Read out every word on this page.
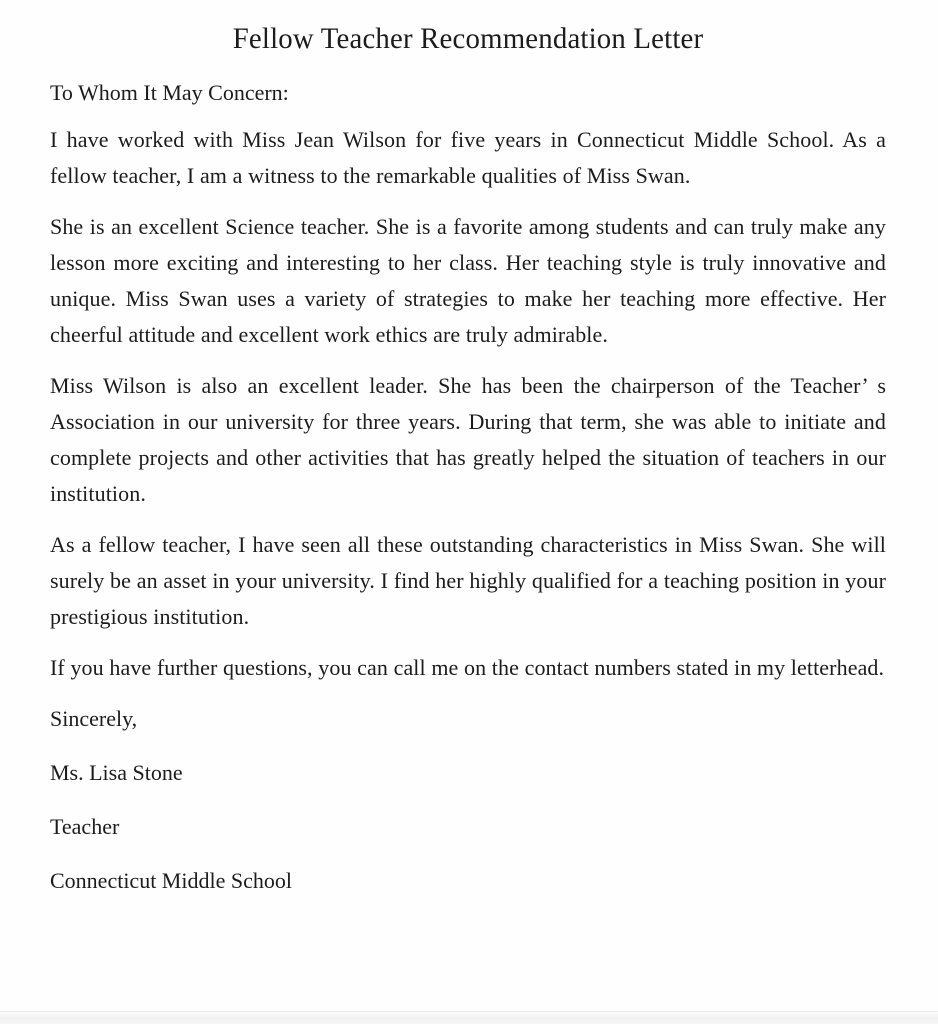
Fellow Teacher Recommendation Letter

To Whom It May Concern:

I have worked with Miss Jean Wilson for five years in Connecticut Middle School. As a fellow teacher, I am a witness to the remarkable qualities of Miss Swan.

She is an excellent Science teacher. She is a favorite among students and can truly make any lesson more exciting and interesting to her class. Her teaching style is truly innovative and unique. Miss Swan uses a variety of strategies to make her teaching more effective. Her cheerful attitude and excellent work ethics are truly admirable.

Miss Wilson is also an excellent leader. She has been the chairperson of the Teacher’ s Association in our university for three years. During that term, she was able to initiate and complete projects and other activities that has greatly helped the situation of teachers in our institution.

As a fellow teacher, I have seen all these outstanding characteristics in Miss Swan. She will surely be an asset in your university. I find her highly qualified for a teaching position in your prestigious institution.

If you have further questions, you can call me on the contact numbers stated in my letterhead.

Sincerely,

Ms. Lisa Stone

Teacher

Connecticut Middle School
